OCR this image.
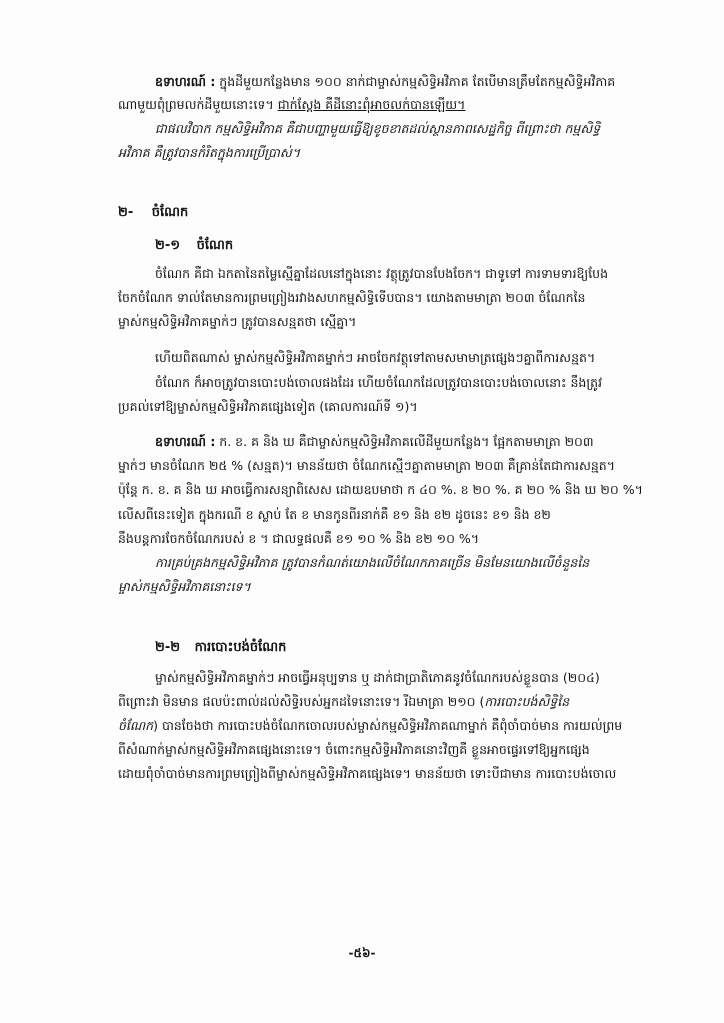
ឧទាហរណ៍ : ក្នុងដីមួយកន្លែងមាន ១០០ នាក់ជាម្ចាស់កម្មសិទ្ធិអវិភាគ តែបើមានត្រឹមតែកម្មសិទ្ធិអវិភាគ

ណាមួយពុំព្រមលក់ដីមួយនោះទេ។ ជាក់ស្តែង គឺដីនោះពុំអាចលក់បានឡើយ។

ជាផលវិបាក កម្មសិទ្ធិអវិភាគ គឺជាបញ្ហាមួយធ្វើឱ្យខូចខាតដល់ស្ថានភាពសេដ្ឋកិច្ច ពីព្រោះថា កម្មសិទ្ធិ

អវិភាគ គឺត្រូវបានកំរិតក្នុងការប្រើប្រាស់។

២- ចំណែក
២-១ ចំណែក

ចំណែក គឺជា ឯកតានៃតម្លៃស្មើគ្នាដែលនៅក្នុងនោះ វត្ថុត្រូវបានបែងចែក។ ជាទូទៅ ការទាមទារឱ្យបែង

ចែកចំណែក ទាល់តែមានការព្រមព្រៀងរវាងសហកម្មសិទ្ធិទើបបាន។ យោងតាមមាត្រា ២០៣ ចំណែកនៃ

ម្ចាស់កម្មសិទ្ធិអវិភាគម្នាក់ៗ ត្រូវបានសន្មតថា ស្មើគ្នា។

ហើយពិតណាស់ ម្ចាស់កម្មសិទ្ធិអវិភាគម្នាក់ៗ អាចចែកវត្ថុទៅតាមសមាមាត្រផ្សេងៗគ្នាពីការសន្មត។

ចំណែក ក៏អាចត្រូវបានបោះបង់ចោលផងដែរ ហើយចំណែកដែលត្រូវបានបោះបង់ចោលនោះ នឹងត្រូវ

ប្រគល់ទៅឱ្យម្ចាស់កម្មសិទ្ធិអវិភាគផ្សេងទៀត (គោលការណ៍ទី ១)។

ឧទាហរណ៍ : ក. ខ. គ និង ឃ គឺជាម្ចាស់កម្មសិទ្ធិអវិភាគលើដីមួយកន្លែង។ ផ្អែកតាមមាត្រា ២០៣

ម្នាក់ៗ មានចំណែក ២៥ % (សន្មត)។ មានន័យថា ចំណែកស្មើៗគ្នាតាមមាត្រា ២០៣ គឺគ្រាន់តែជាការសន្មត។

ប៉ុន្តែ ក. ខ. គ និង ឃ អាចធ្វើការសន្យាពិសេស ដោយឧបមាថា ក ៤០ %. ខ ២០ %. គ ២០ % និង ឃ ២០ %។

លើសពីនេះទៀត ក្នុងករណី ខ ស្លាប់ តែ ខ មានកូនពីរនាក់គឺ ខ១ និង ខ២ ដូចនេះ ខ១ និង ខ២

នឹងបន្តការចែកចំណែករបស់ ខ ។ ជាលទ្ធផលគឺ ខ១ ១០ % និង ខ២ ១០ %។

ការគ្រប់គ្រងកម្មសិទ្ធិអវិភាគ ត្រូវបានកំណត់យោងលើចំណែកភាគច្រើន មិនមែនយោងលើចំនួននៃ

ម្ចាស់កម្មសិទ្ធិអវិភាគនោះទេ។

២-២ ការបោះបង់ចំណែក

ម្ចាស់កម្មសិទ្ធិអវិភាគម្នាក់ៗ អាចធ្វើអនុប្បទាន ឬ ដាក់ជាប្រាតិភោគនូវចំណែករបស់ខ្លួនបាន (២០៤)

ពីព្រោះវា មិនមាន ផលប៉ះពាល់ដល់សិទ្ធិរបស់អ្នកដទៃនោះទេ។ រីឯមាត្រា ២១០ (ការបោះបង់សិទ្ធិនៃ

ចំណែក) បានចែងថា ការបោះបង់ចំណែកចោលរបស់ម្ចាស់កម្មសិទ្ធិអវិភាគណាម្នាក់ គឺពុំចាំបាច់មាន ការយល់ព្រម

ពីសំណាក់ម្ចាស់កម្មសិទ្ធិអវិភាគផ្សេងនោះទេ។ ចំពោះកម្មសិទ្ធិអវិភាគនោះវិញគឺ ខ្លួនអាចផ្ទេរទៅឱ្យអ្នកផ្សេង

ដោយពុំចាំបាច់មានការព្រមព្រៀងពីម្ចាស់កម្មសិទ្ធិអវិភាគផ្សេងទេ។ មានន័យថា ទោះបីជាមាន ការបោះបង់ចោល

-៥៦-
